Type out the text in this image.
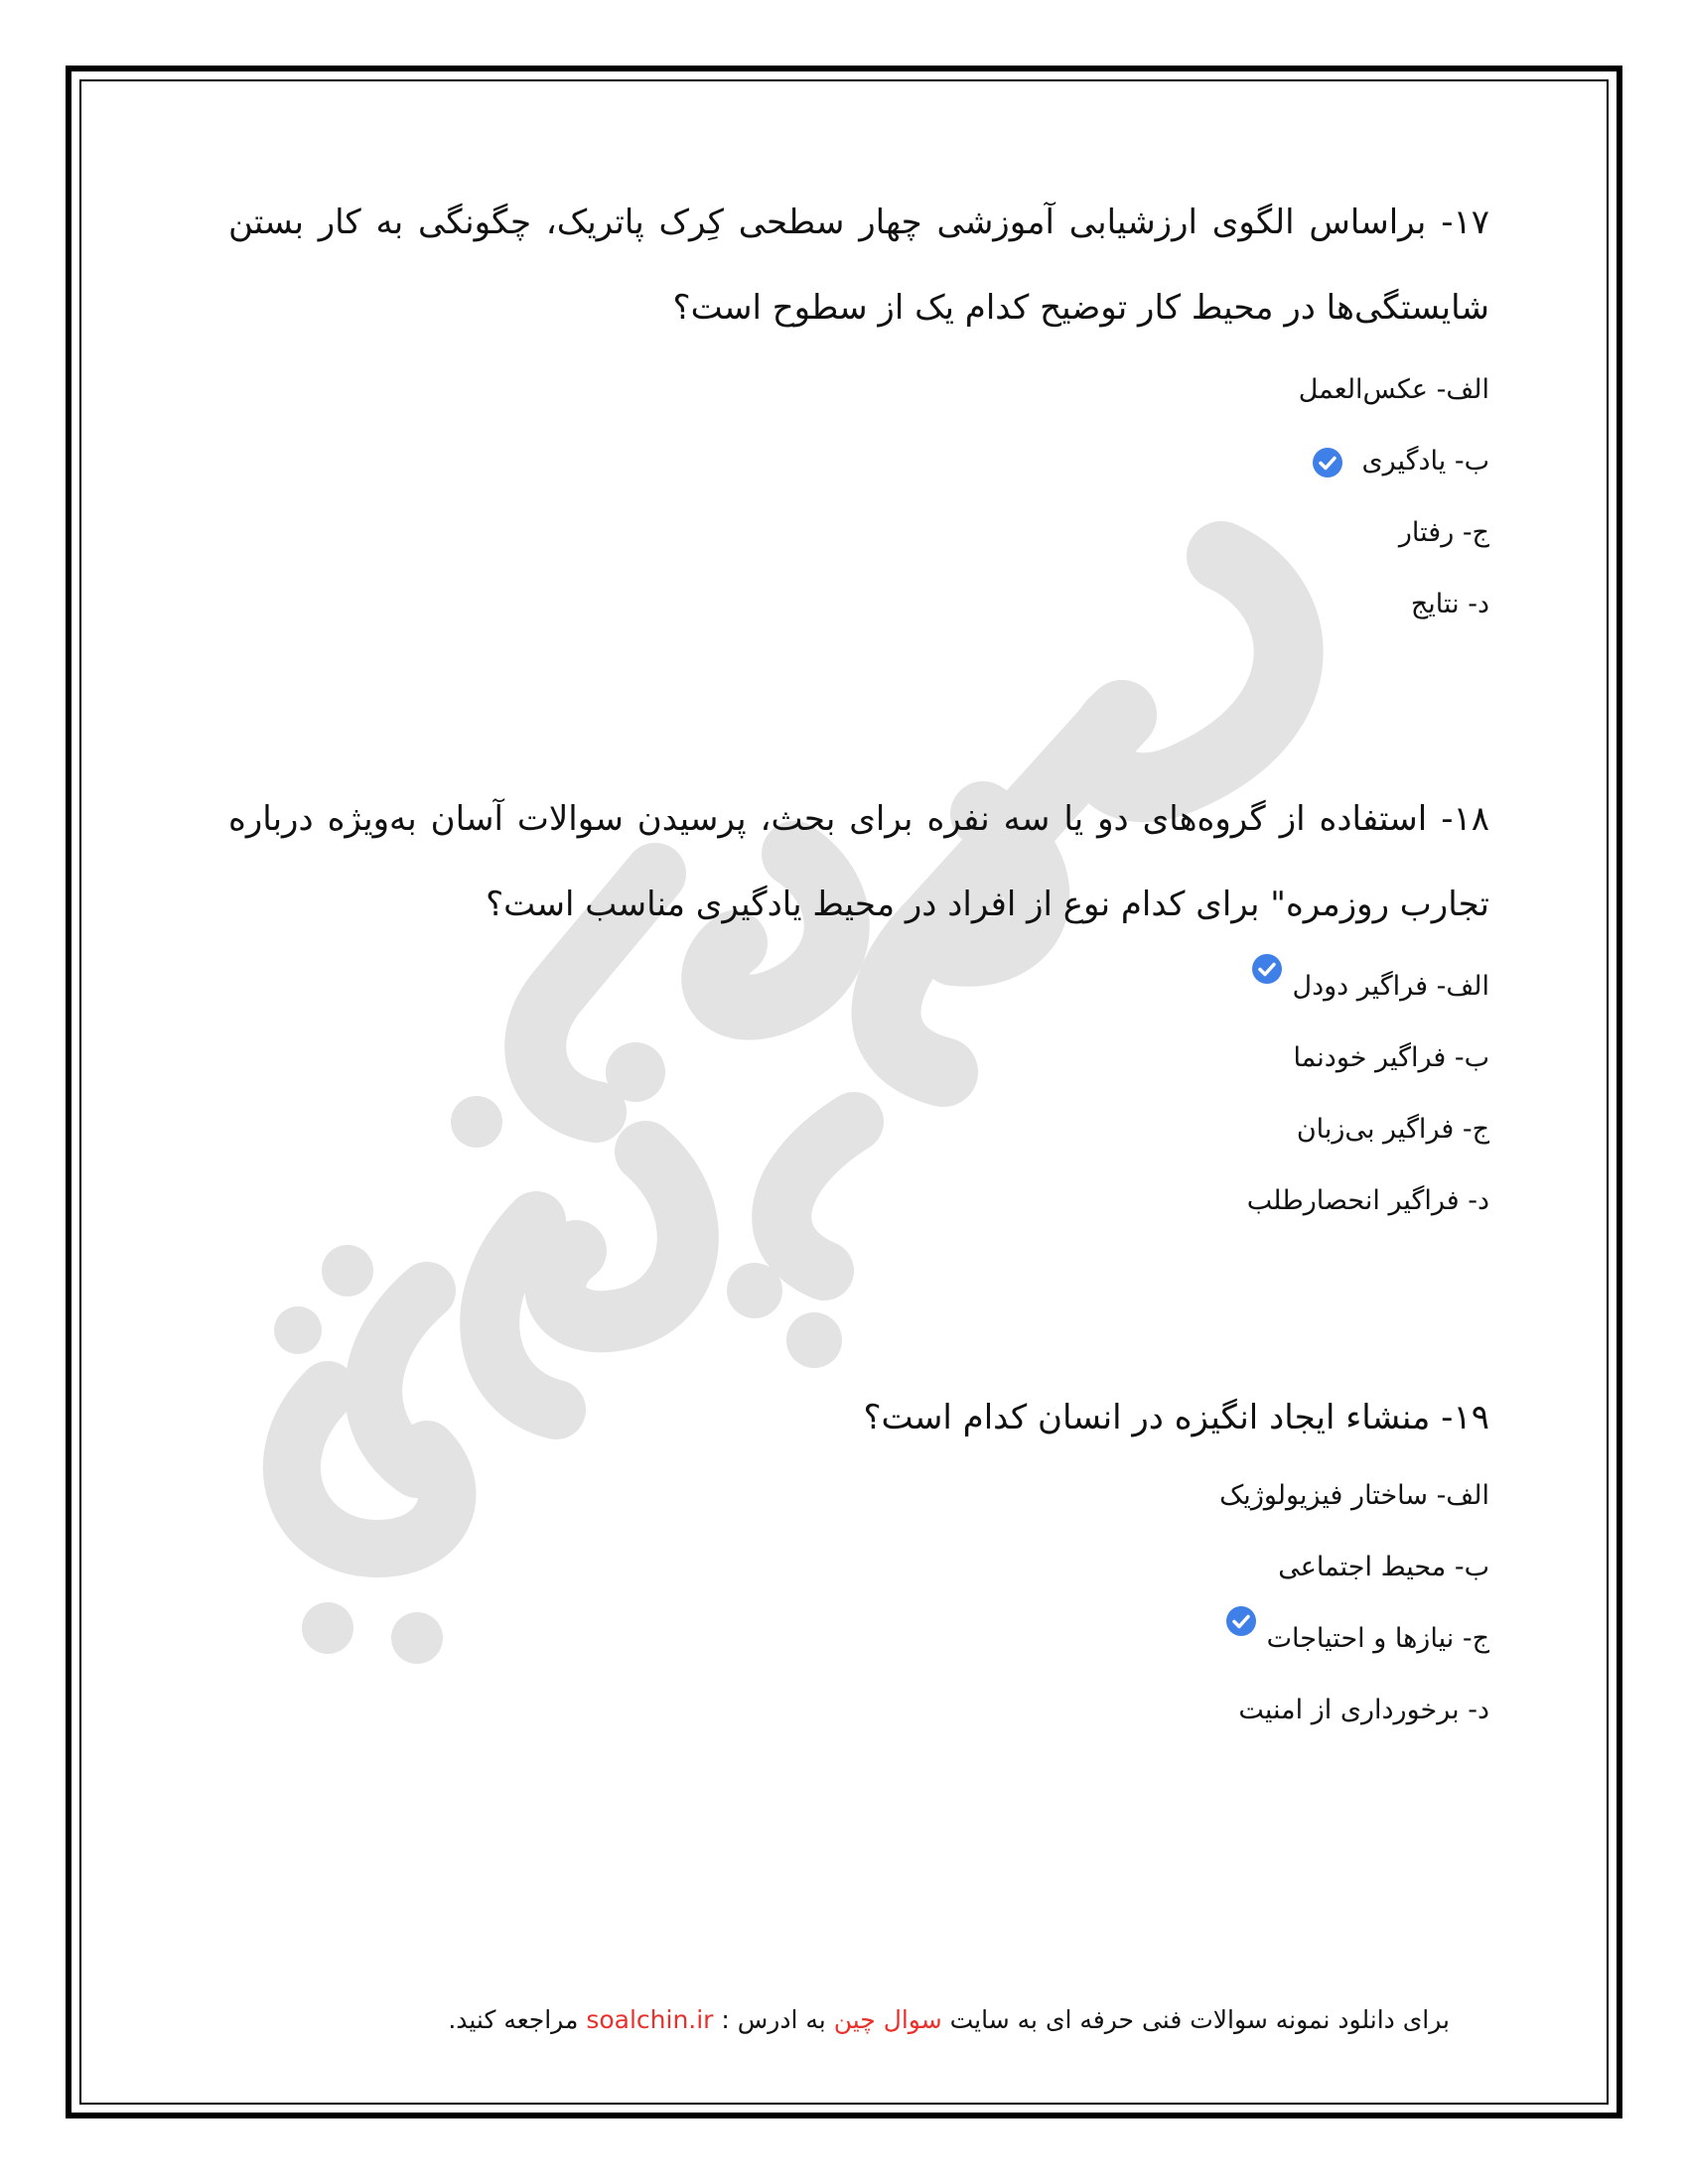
۱۷- براساس الگوی ارزشیابی آموزشی چهار سطحی کِرک پاتریک، چگونگی به کار بستن شایستگی‌ها در محیط کار توضیح کدام یک از سطوح است؟

الف- عکس‌العمل
ب- یادگیری
ج- رفتار
د- نتایج

۱۸- استفاده از گروه‌های دو یا سه نفره برای بحث، پرسیدن سوالات آسان به‌ویژه درباره تجارب روزمره" برای کدام نوع از افراد در محیط یادگیری مناسب است؟

الف- فراگیر دودل
ب- فراگیر خودنما
ج- فراگیر بی‌زبان
د- فراگیر انحصارطلب

۱۹- منشاء ایجاد انگیزه در انسان کدام است؟

الف- ساختار فیزیولوژیک
ب- محیط اجتماعی
ج- نیازها و احتیاجات
د- برخورداری از امنیت
برای دانلود نمونه سوالات فنی حرفه ای به سایت سوال چین به ادرس : soalchin.ir مراجعه کنید.
